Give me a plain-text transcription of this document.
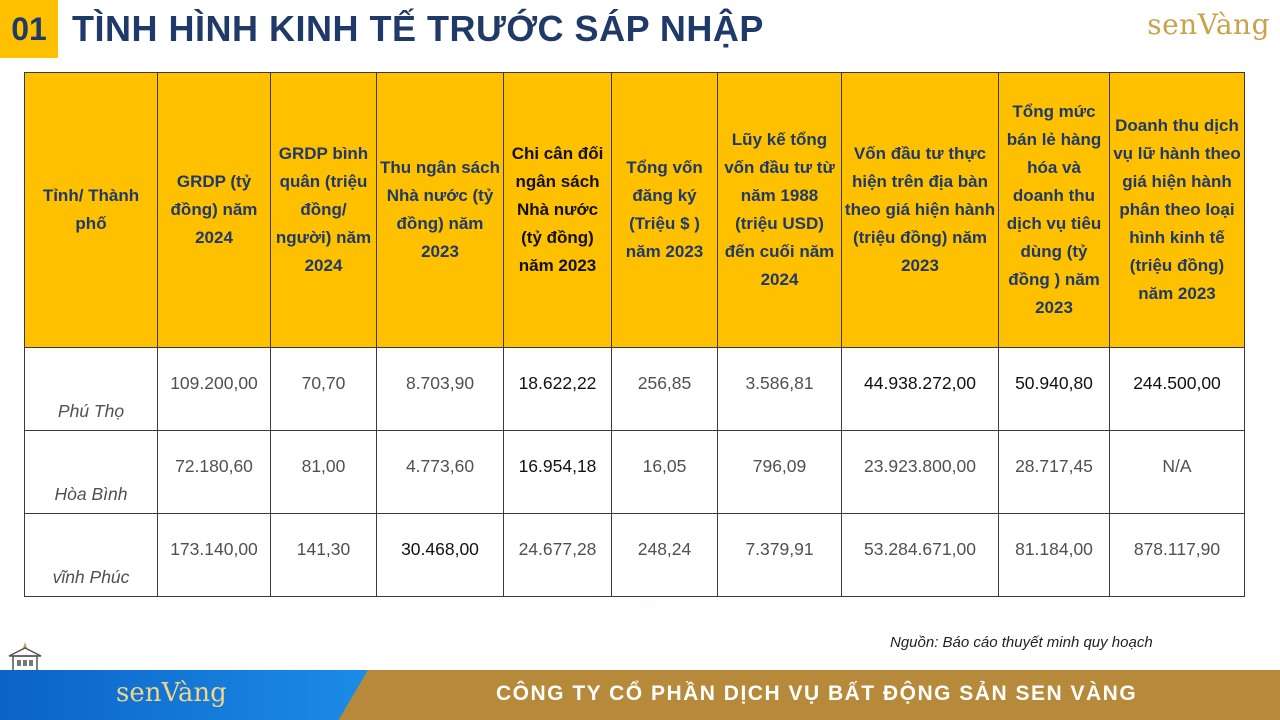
01 TÌNH HÌNH KINH TẾ TRƯỚC SÁP NHẬP	senVàng
Tỉnh/ Thành phố	GRDP (tỷ đồng) năm 2024	GRDP bình quân (triệu đồng/ người) năm 2024	Thu ngân sách Nhà nước (tỷ đồng) năm 2023	Chi cân đối ngân sách Nhà nước (tỷ đồng) năm 2023	Tổng vốn đăng ký (Triệu $ ) năm 2023	Lũy kế tổng vốn đầu tư từ năm 1988 (triệu USD) đến cuối năm 2024	Vốn đầu tư thực hiện trên địa bàn theo giá hiện hành (triệu đồng) năm 2023	Tổng mức bán lẻ hàng hóa và doanh thu dịch vụ tiêu dùng (tỷ đồng ) năm 2023	Doanh thu dịch vụ lữ hành theo giá hiện hành phân theo loại hình kinh tế (triệu đồng) năm 2023
Phú Thọ	109.200,00	70,70	8.703,90	18.622,22	256,85	3.586,81	44.938.272,00	50.940,80	244.500,00
Hòa Bình	72.180,60	81,00	4.773,60	16.954,18	16,05	796,09	23.923.800,00	28.717,45	N/A
vĩnh Phúc	173.140,00	141,30	30.468,00	24.677,28	248,24	7.379,91	53.284.671,00	81.184,00	878.117,90
Nguồn: Báo cáo thuyết minh quy hoạch
senVàng	CÔNG TY CỔ PHẦN DỊCH VỤ BẤT ĐỘNG SẢN SEN VÀNG
